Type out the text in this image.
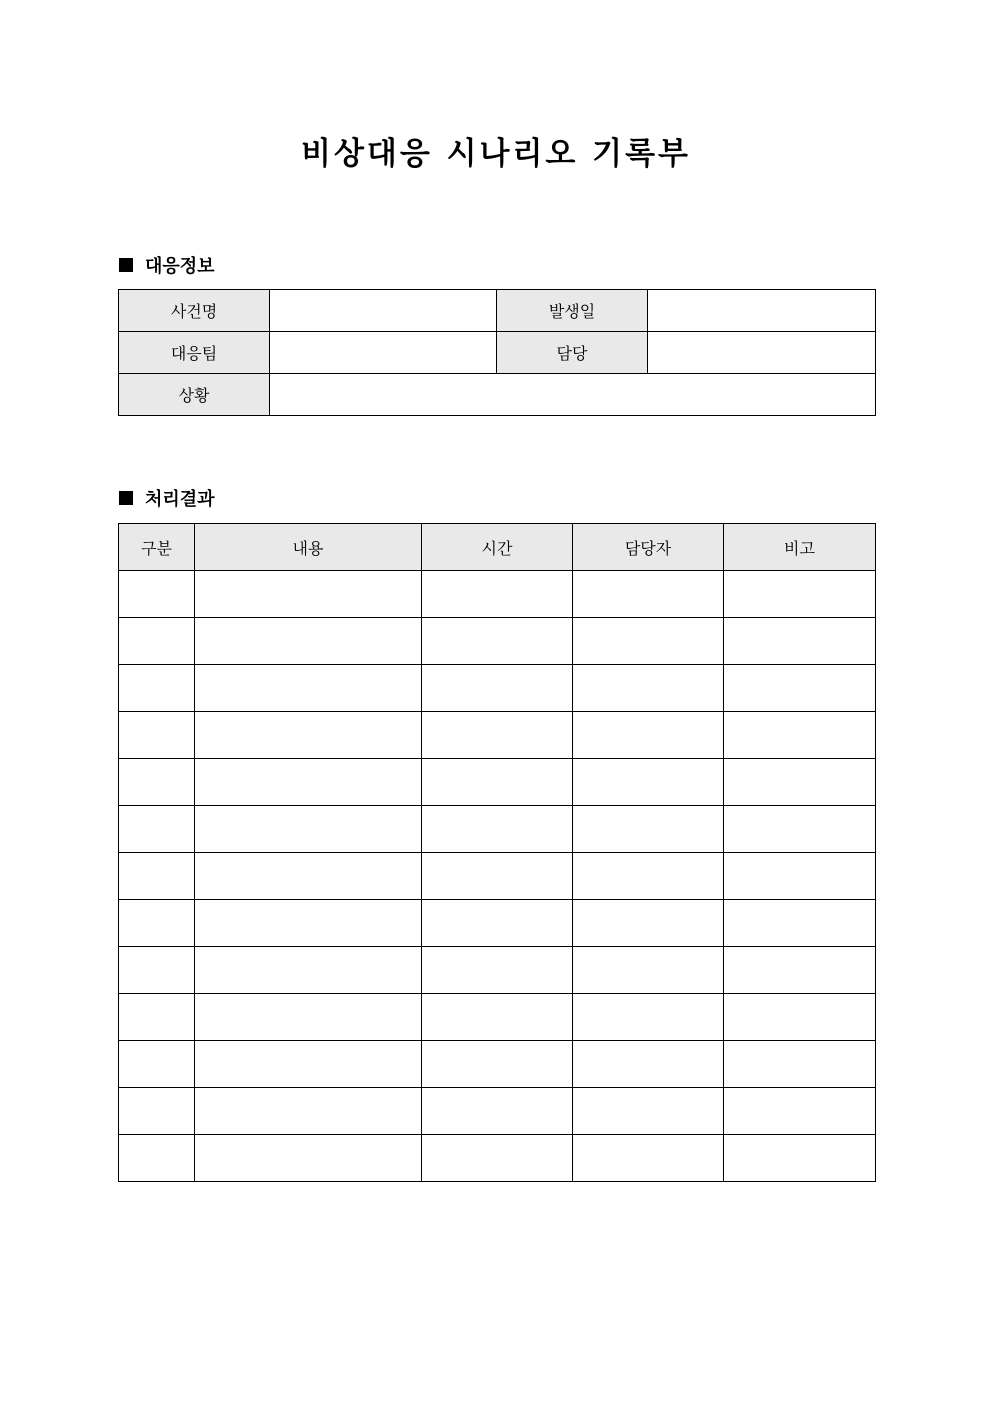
비상대응 시나리오 기록부
대응정보
사건명		발생일	
대응팀		담당	
상황			
처리결과
구분	내용	시간	담당자	비고
